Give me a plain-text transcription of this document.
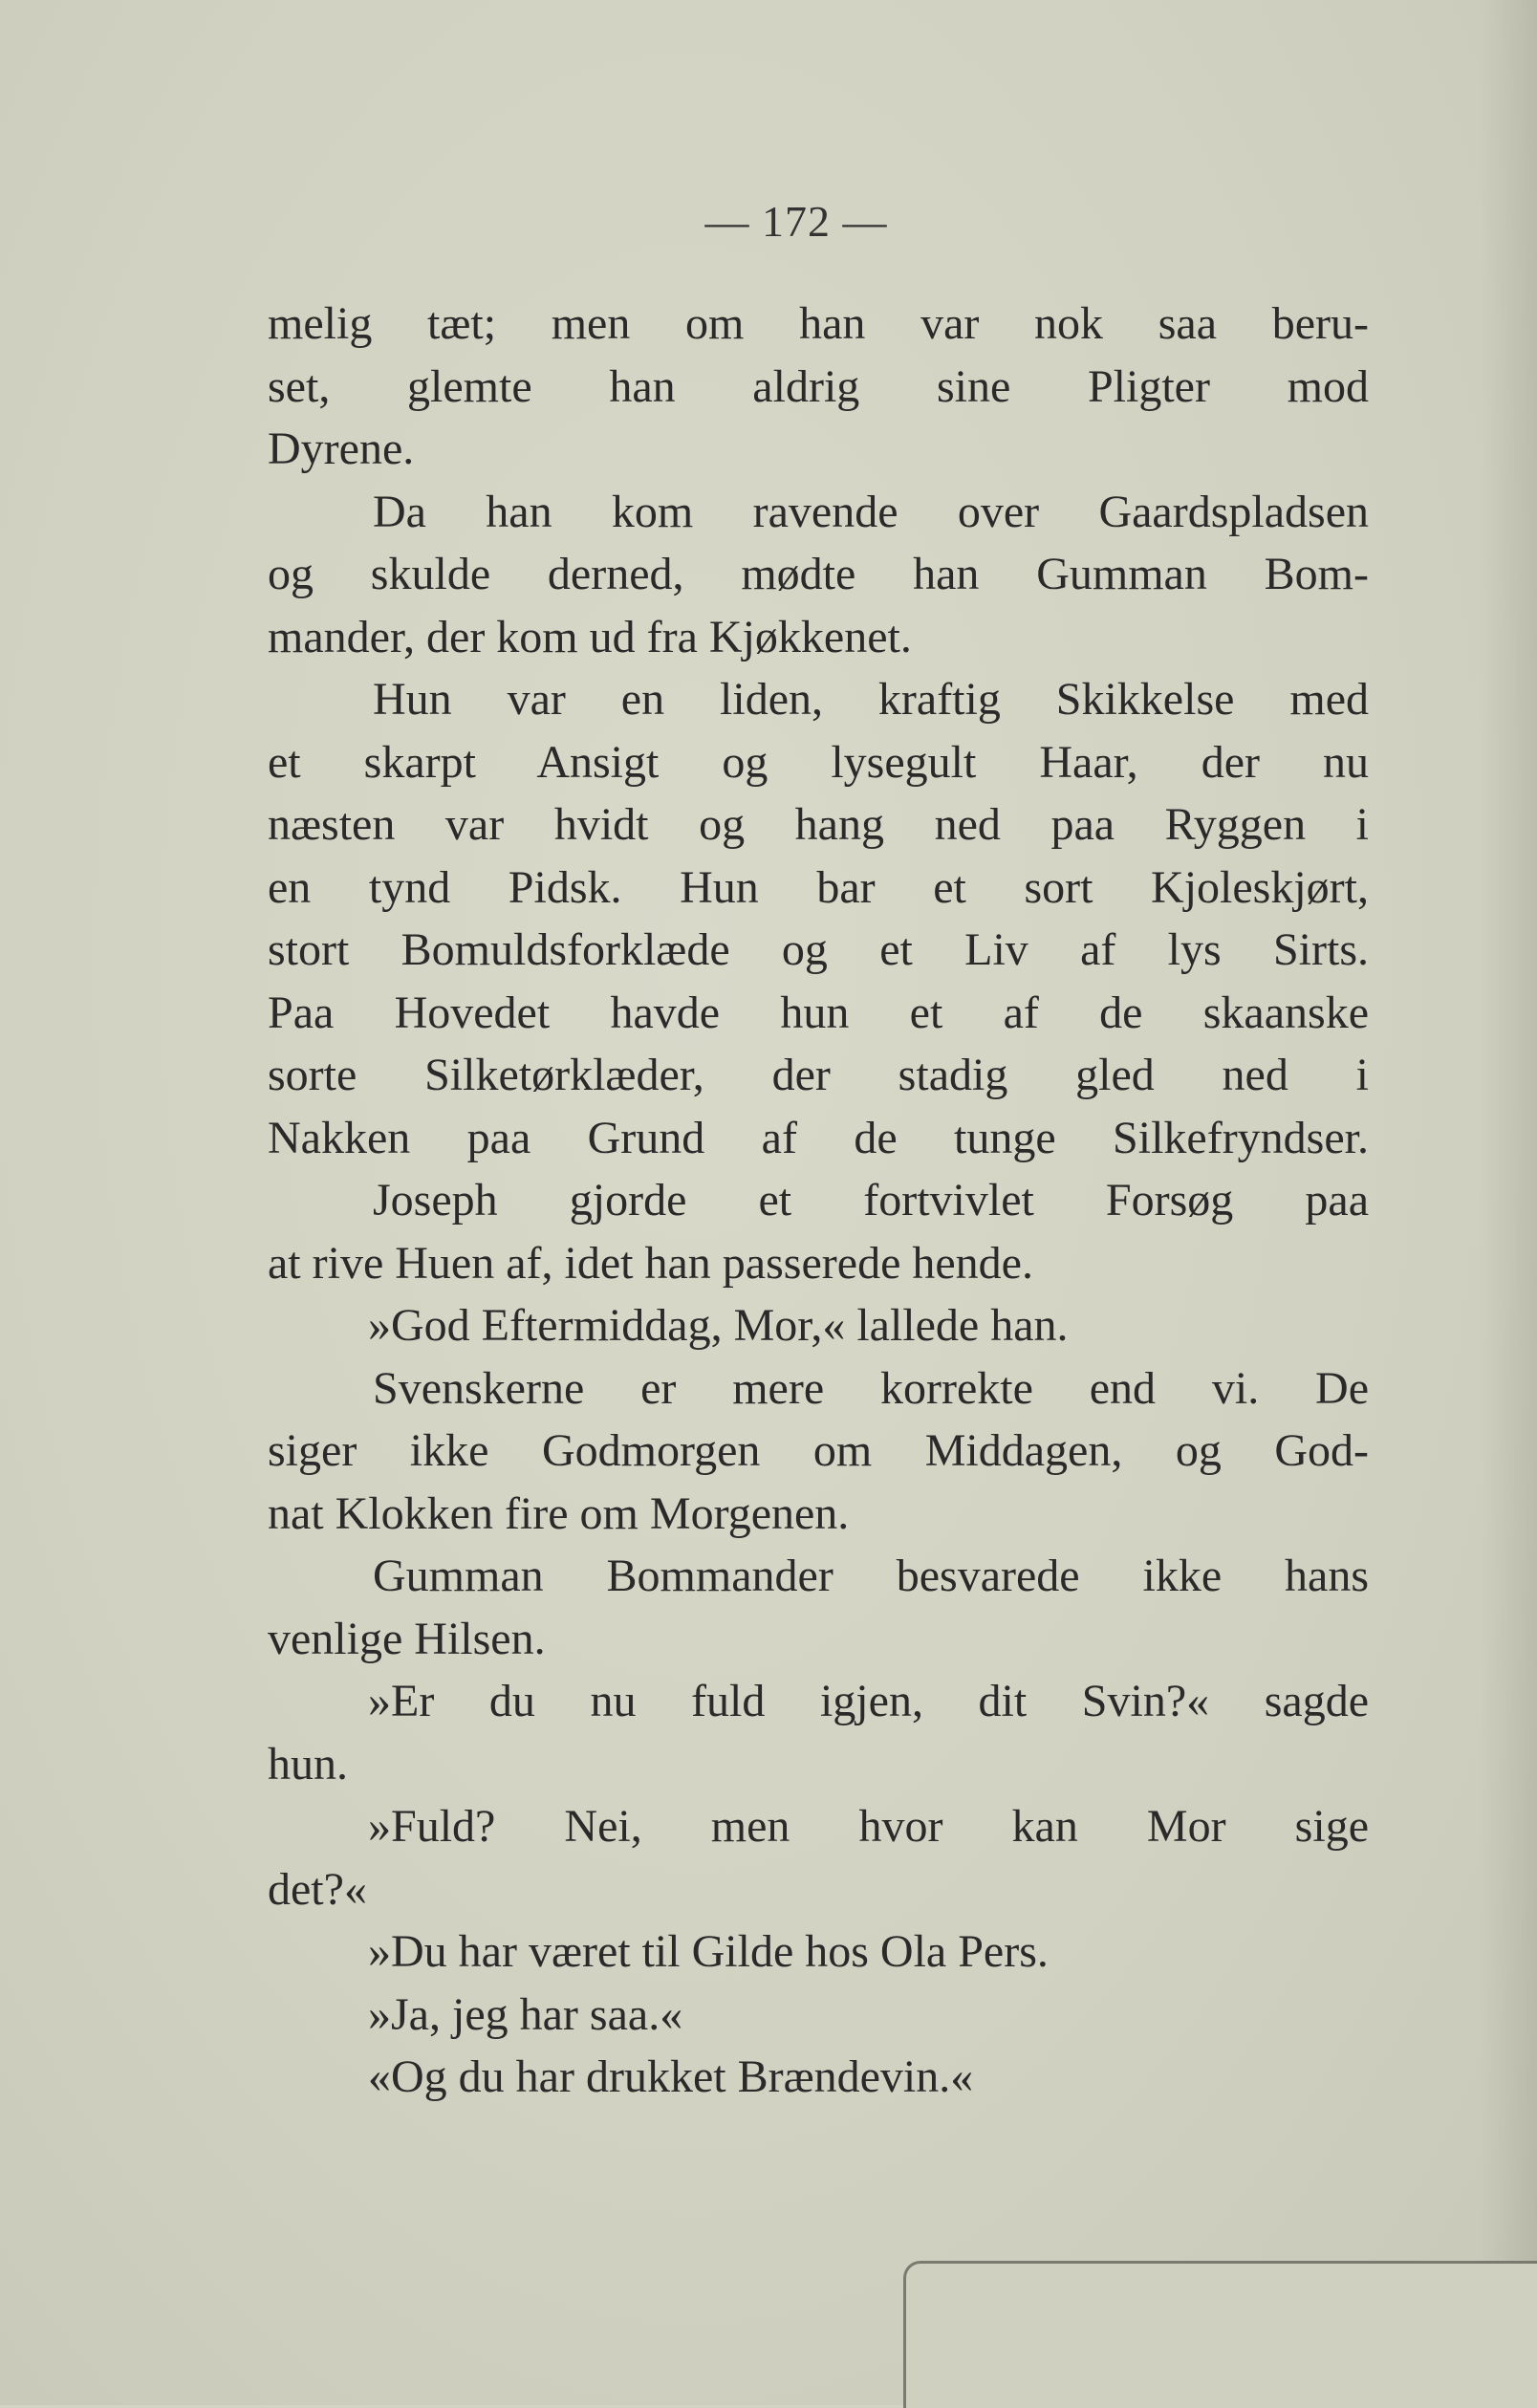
— 172 —
melig tæt; men om han var nok saa beru-
set, glemte han aldrig sine Pligter mod
Dyrene.
Da han kom ravende over Gaardspladsen
og skulde derned, mødte han Gumman Bom-
mander, der kom ud fra Kjøkkenet.
Hun var en liden, kraftig Skikkelse med
et skarpt Ansigt og lysegult Haar, der nu
næsten var hvidt og hang ned paa Ryggen i
en tynd Pidsk. Hun bar et sort Kjoleskjørt,
stort Bomuldsforklæde og et Liv af lys Sirts.
Paa Hovedet havde hun et af de skaanske
sorte Silketørklæder, der stadig gled ned i
Nakken paa Grund af de tunge Silkefryndser.
Joseph gjorde et fortvivlet Forsøg paa
at rive Huen af, idet han passerede hende.
»God Eftermiddag, Mor,« lallede han.
Svenskerne er mere korrekte end vi. De
siger ikke Godmorgen om Middagen, og God-
nat Klokken fire om Morgenen.
Gumman Bommander besvarede ikke hans
venlige Hilsen.
»Er du nu fuld igjen, dit Svin?« sagde
hun.
»Fuld? Nei, men hvor kan Mor sige
det?«
»Du har været til Gilde hos Ola Pers.
»Ja, jeg har saa.«
«Og du har drukket Brændevin.«
